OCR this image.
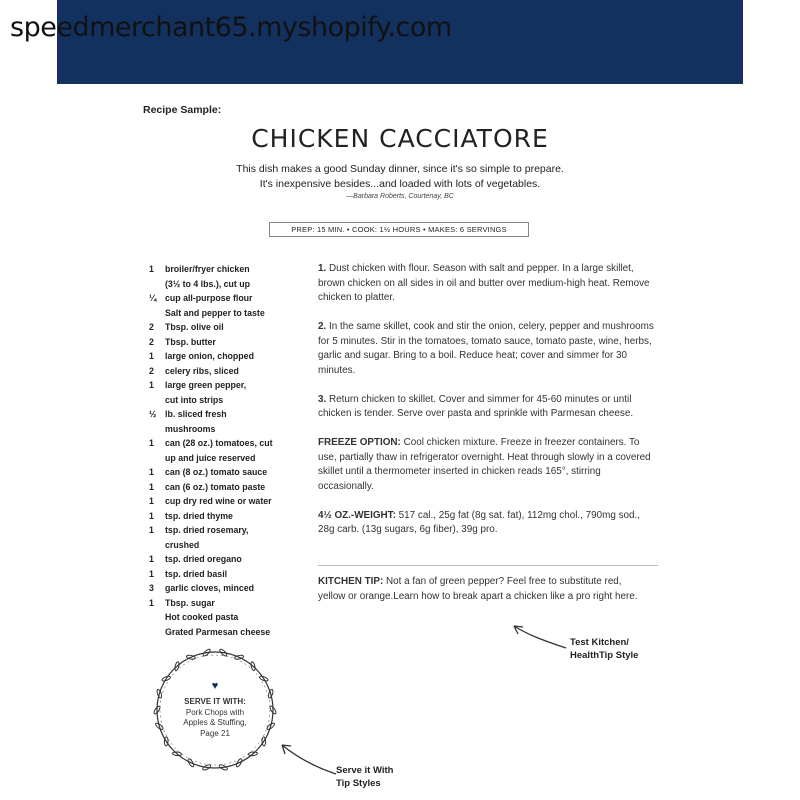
speedmerchant65.myshopify.com
Recipe Sample:
CHICKEN CACCIATORE
This dish makes a good Sunday dinner, since it's so simple to prepare.
It's inexpensive besides...and loaded with lots of vegetables.
—Barbara Roberts, Courtenay, BC
PREP: 15 MIN. • COOK: 1½ HOURS • MAKES: 6 SERVINGS
1	broiler/fryer chicken
(3½ to 4 lbs.), cut up
¼ cup all-purpose flour
Salt and pepper to taste
2	Tbsp. olive oil
2	Tbsp. butter
1	large onion, chopped
2	celery ribs, sliced
1	large green pepper,
cut into strips
½ lb. sliced fresh
mushrooms
1	can (28 oz.) tomatoes, cut
up and juice reserved
1	can (8 oz.) tomato sauce
1	can (6 oz.) tomato paste
1	cup dry red wine or water
1	tsp. dried thyme
1	tsp. dried rosemary,
crushed
1	tsp. dried oregano
1	tsp. dried basil
3	garlic cloves, minced
1	Tbsp. sugar
Hot cooked pasta
Grated Parmesan cheese

1. Dust chicken with flour. Season with salt and pepper. In a large skillet, brown chicken on all sides in oil and butter over medium-high heat. Remove chicken to platter.

2. In the same skillet, cook and stir the onion, celery, pepper and mushrooms for 5 minutes. Stir in the tomatoes, tomato sauce, tomato paste, wine, herbs, garlic and sugar. Bring to a boil. Reduce heat; cover and simmer for 30 minutes.

3. Return chicken to skillet. Cover and simmer for 45-60 minutes or until chicken is tender. Serve over pasta and sprinkle with Parmesan cheese.

FREEZE OPTION: Cool chicken mixture. Freeze in freezer containers. To use, partially thaw in refrigerator overnight. Heat through slowly in a covered skillet until a thermometer inserted in chicken reads 165°, stirring occasionally.

4½ OZ.-WEIGHT: 517 cal., 25g fat (8g sat. fat), 112mg chol., 790mg sod., 28g carb. (13g sugars, 6g fiber), 39g pro.

KITCHEN TIP: Not a fan of green pepper? Feel free to substitute red, yellow or orange.Learn how to break apart a chicken like a pro right here.
Test Kitchen/
HealthTip Style
♥
SERVE IT WITH:
Pork Chops with
Apples & Stuffing,
Page 21
Serve it With
Tip Styles
